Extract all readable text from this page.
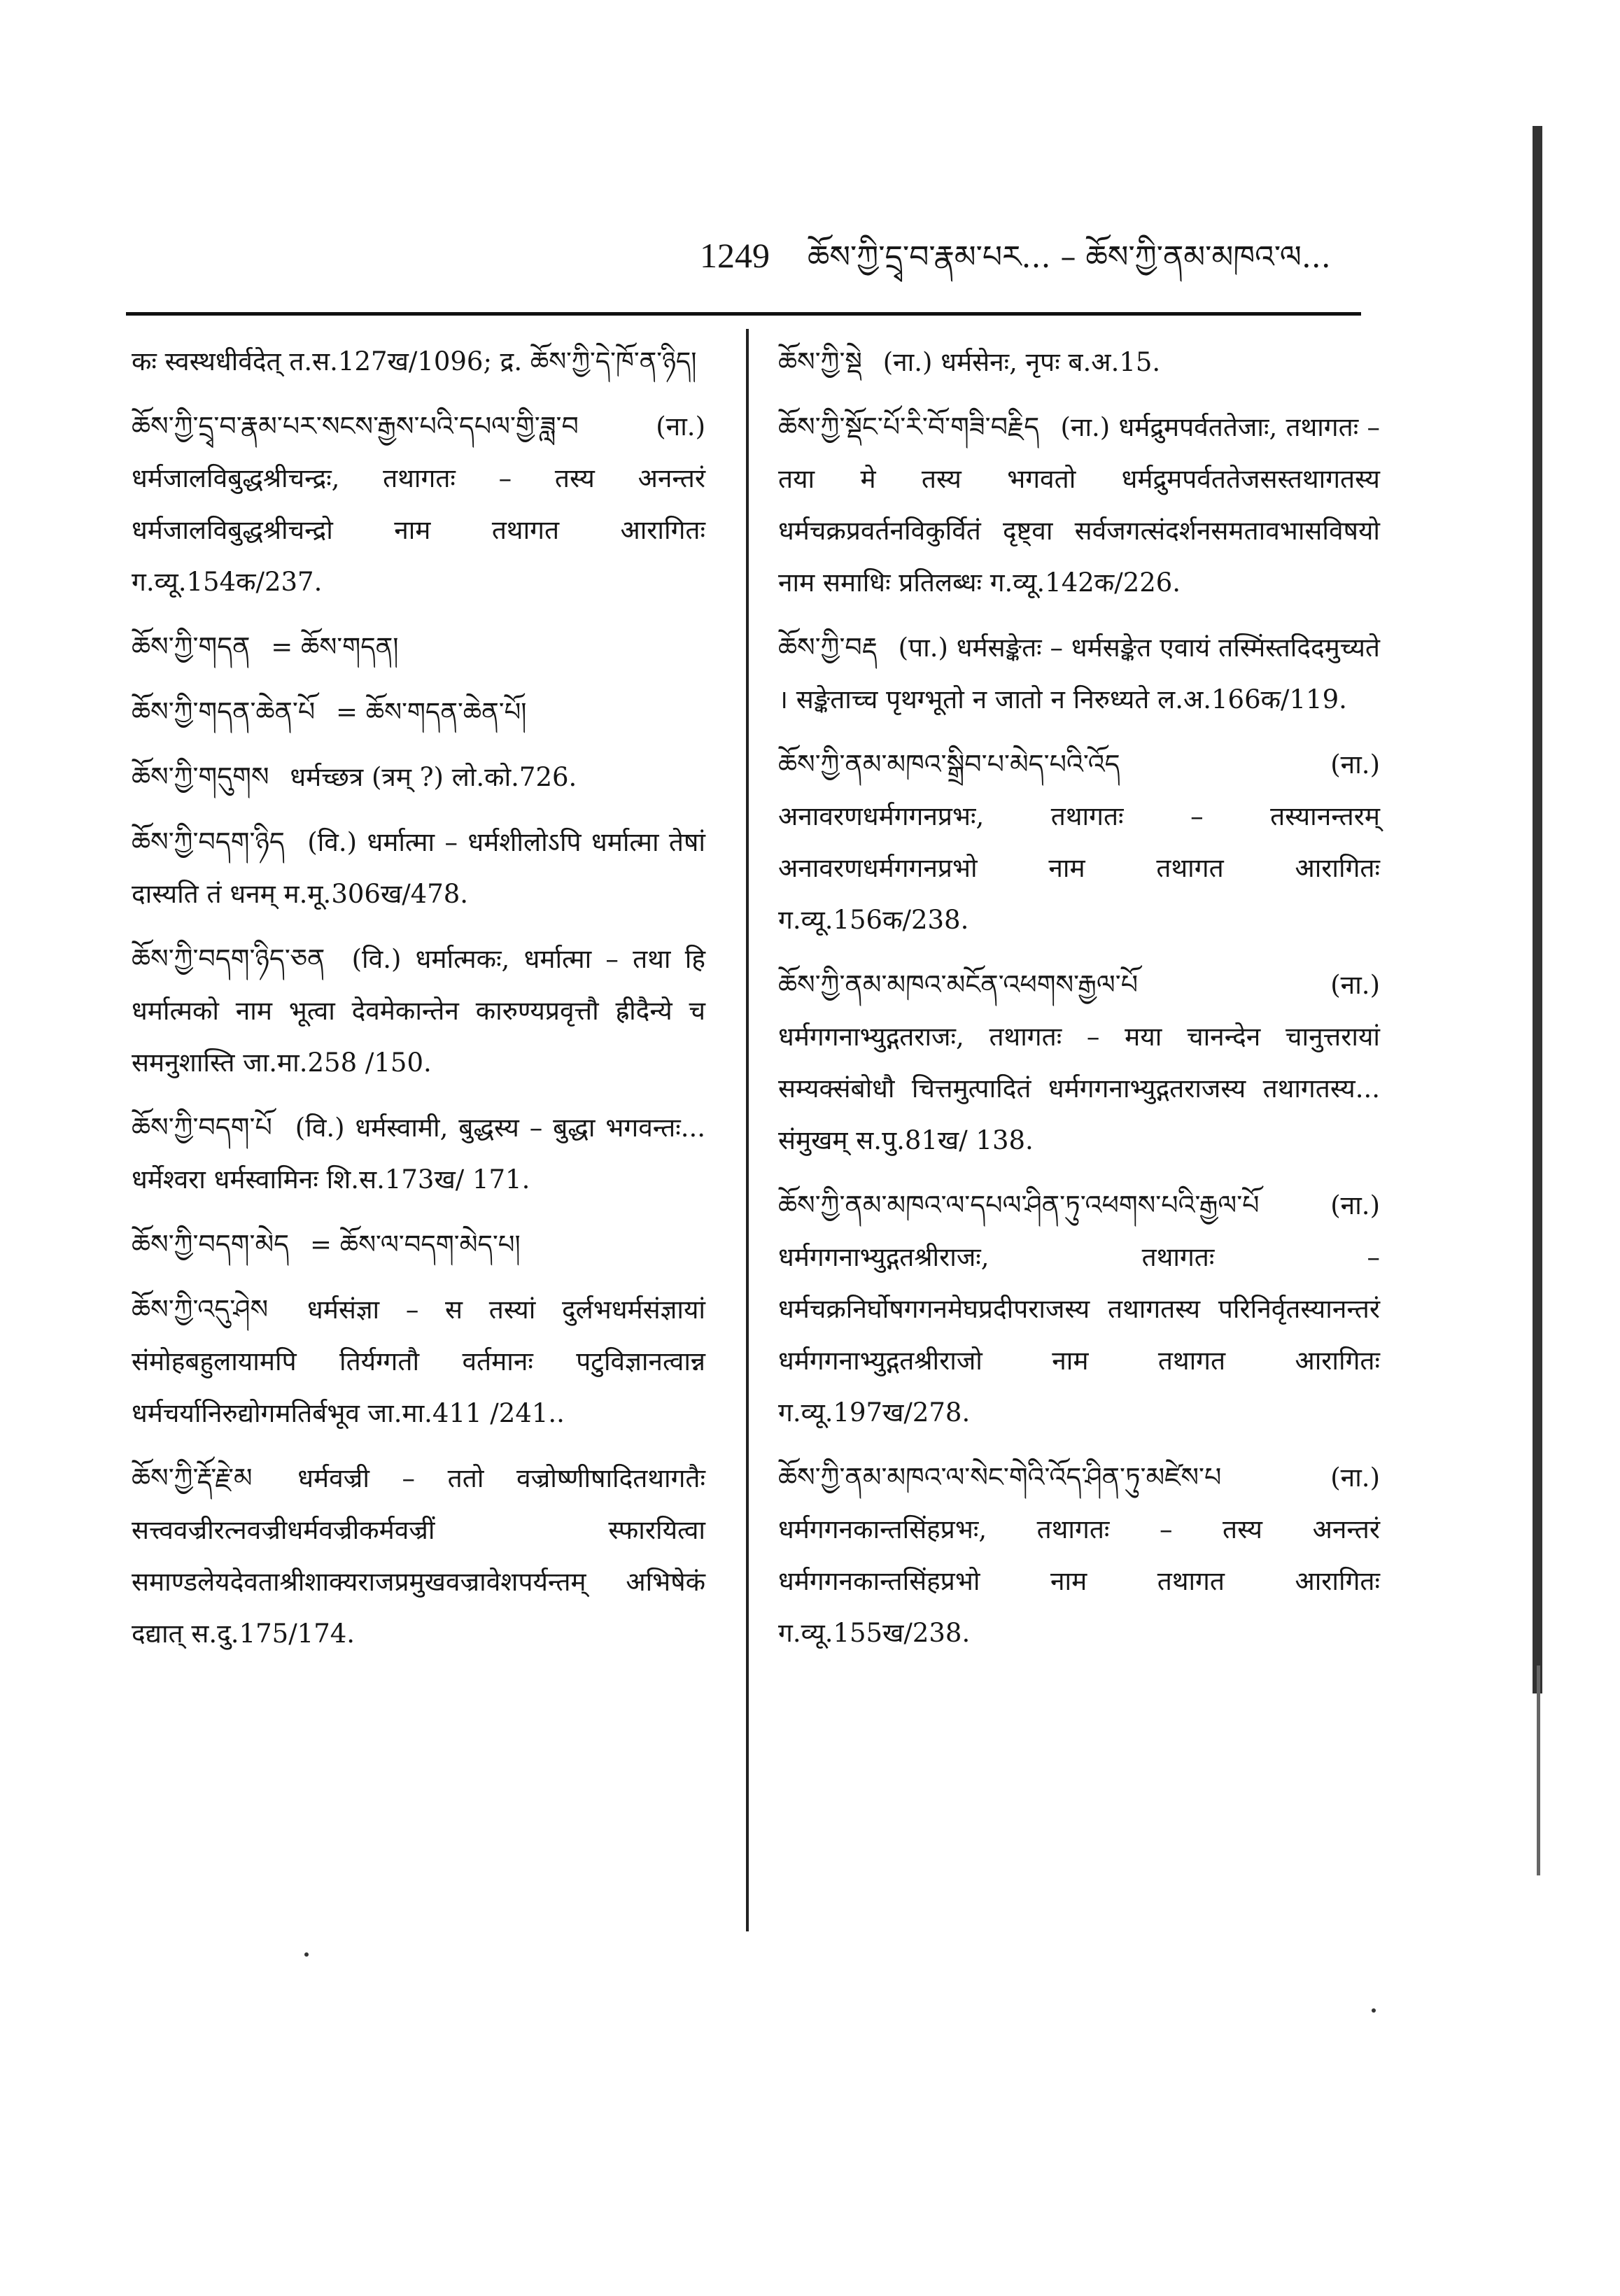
1249 ཆོས་ཀྱི་དྲྭ་བ་རྣམ་པར... – ཆོས་ཀྱི་ནམ་མཁའ་ལ...
कः स्वस्थधीर्वदेत् त.स.127ख/1096; द्र. ཆོས་ཀྱི་དེ་ཁོ་ན་ཉིད།
ཆོས་ཀྱི་དྲྭ་བ་རྣམ་པར་སངས་རྒྱས་པའི་དཔལ་གྱི་ཟླ་བ	(ना.) धर्मजालविबुद्धश्रीचन्द्रः, तथागतः – तस्य अनन्तरं धर्मजालविबुद्धश्रीचन्द्रो नाम तथागत आरागितः ग.व्यू.154क/237.
ཆོས་ཀྱི་གདན = ཆོས་གདན།
ཆོས་ཀྱི་གདན་ཆེན་པོ = ཆོས་གདན་ཆེན་པོ།
ཆོས་ཀྱི་གདུགས धर्मच्छत्र (त्रम् ?) लो.को.726.
ཆོས་ཀྱི་བདག་ཉིད (वि.) धर्मात्मा – धर्मशीलोऽपि धर्मात्मा तेषां दास्यति तं धनम् म.मू.306ख/478.
ཆོས་ཀྱི་བདག་ཉིད་ཅན (वि.) धर्मात्मकः, धर्मात्मा – तथा हि धर्मात्मको नाम भूत्वा देवमेकान्तेन कारुण्यप्रवृत्तौ ह्रीदैन्ये च समनुशास्ति जा.मा.258 /150.
ཆོས་ཀྱི་བདག་པོ (वि.) धर्मस्वामी, बुद्धस्य – बुद्धा भगवन्तः... धर्मेश्वरा धर्मस्वामिनः शि.स.173ख/ 171.
ཆོས་ཀྱི་བདག་མེད = ཆོས་ལ་བདག་མེད་པ།
ཆོས་ཀྱི་འདུ་ཤེས धर्मसंज्ञा – स तस्यां दुर्लभधर्मसंज्ञायां संमोहबहुलायामपि तिर्यग्गतौ वर्तमानः पटुविज्ञानत्वान्न धर्मचर्यानिरुद्योगमतिर्बभूव जा.मा.411 /241..
ཆོས་ཀྱི་རྡོ་རྗེ་མ धर्मवज्री – ततो वज्रोष्णीषादितथागतैः सत्त्ववज्रीरत्नवज्रीधर्मवज्रीकर्मवज्रीं स्फारयित्वा समाण्डलेयदेवताश्रीशाक्यराजप्रमुखवज्रावेशपर्यन्तम् अभिषेकं दद्यात् स.दु.175/174.
ཆོས་ཀྱི་སྡེ (ना.) धर्मसेनः, नृपः ब.अ.15.
ཆོས་ཀྱི་སྡོང་པོ་རི་བོ་གཟི་བརྗིད (ना.) धर्मद्रुमपर्वततेजाः, तथागतः – तया मे तस्य भगवतो धर्मद्रुमपर्वततेजसस्तथागतस्य धर्मचक्रप्रवर्तनविकुर्वितं दृष्ट्वा सर्वजगत्संदर्शनसमतावभासविषयो नाम समाधिः प्रतिलब्धः ग.व्यू.142क/226.
ཆོས་ཀྱི་བརྡ (पा.) धर्मसङ्केतः – धर्मसङ्केत एवायं तस्मिंस्तदिदमुच्यते । सङ्केताच्च पृथग्भूतो न जातो न निरुध्यते ल.अ.166क/119.
ཆོས་ཀྱི་ནམ་མཁའ་སྒྲིབ་པ་མེད་པའི་འོད	(ना.) अनावरणधर्मगगनप्रभः, तथागतः – तस्यानन्तरम् अनावरणधर्मगगनप्रभो नाम तथागत आरागितः ग.व्यू.156क/238.
ཆོས་ཀྱི་ནམ་མཁའ་མངོན་འཕགས་རྒྱལ་པོ	(ना.) धर्मगगनाभ्युद्गतराजः, तथागतः – मया चानन्देन चानुत्तरायां सम्यक्संबोधौ चित्तमुत्पादितं धर्मगगनाभ्युद्गतराजस्य तथागतस्य... संमुखम् स.पु.81ख/ 138.
ཆོས་ཀྱི་ནམ་མཁའ་ལ་དཔལ་ཤིན་ཏུ་འཕགས་པའི་རྒྱལ་པོ	(ना.) धर्मगगनाभ्युद्गतश्रीराजः, तथागतः – धर्मचक्रनिर्घोषगगनमेघप्रदीपराजस्य तथागतस्य परिनिर्वृतस्यानन्तरं धर्मगगनाभ्युद्गतश्रीराजो नाम तथागत आरागितः ग.व्यू.197ख/278.
ཆོས་ཀྱི་ནམ་མཁའ་ལ་སེང་གེའི་འོད་ཤིན་ཏུ་མཛེས་པ	(ना.) धर्मगगनकान्तसिंहप्रभः, तथागतः – तस्य अनन्तरं धर्मगगनकान्तसिंहप्रभो नाम तथागत आरागितः ग.व्यू.155ख/238.
